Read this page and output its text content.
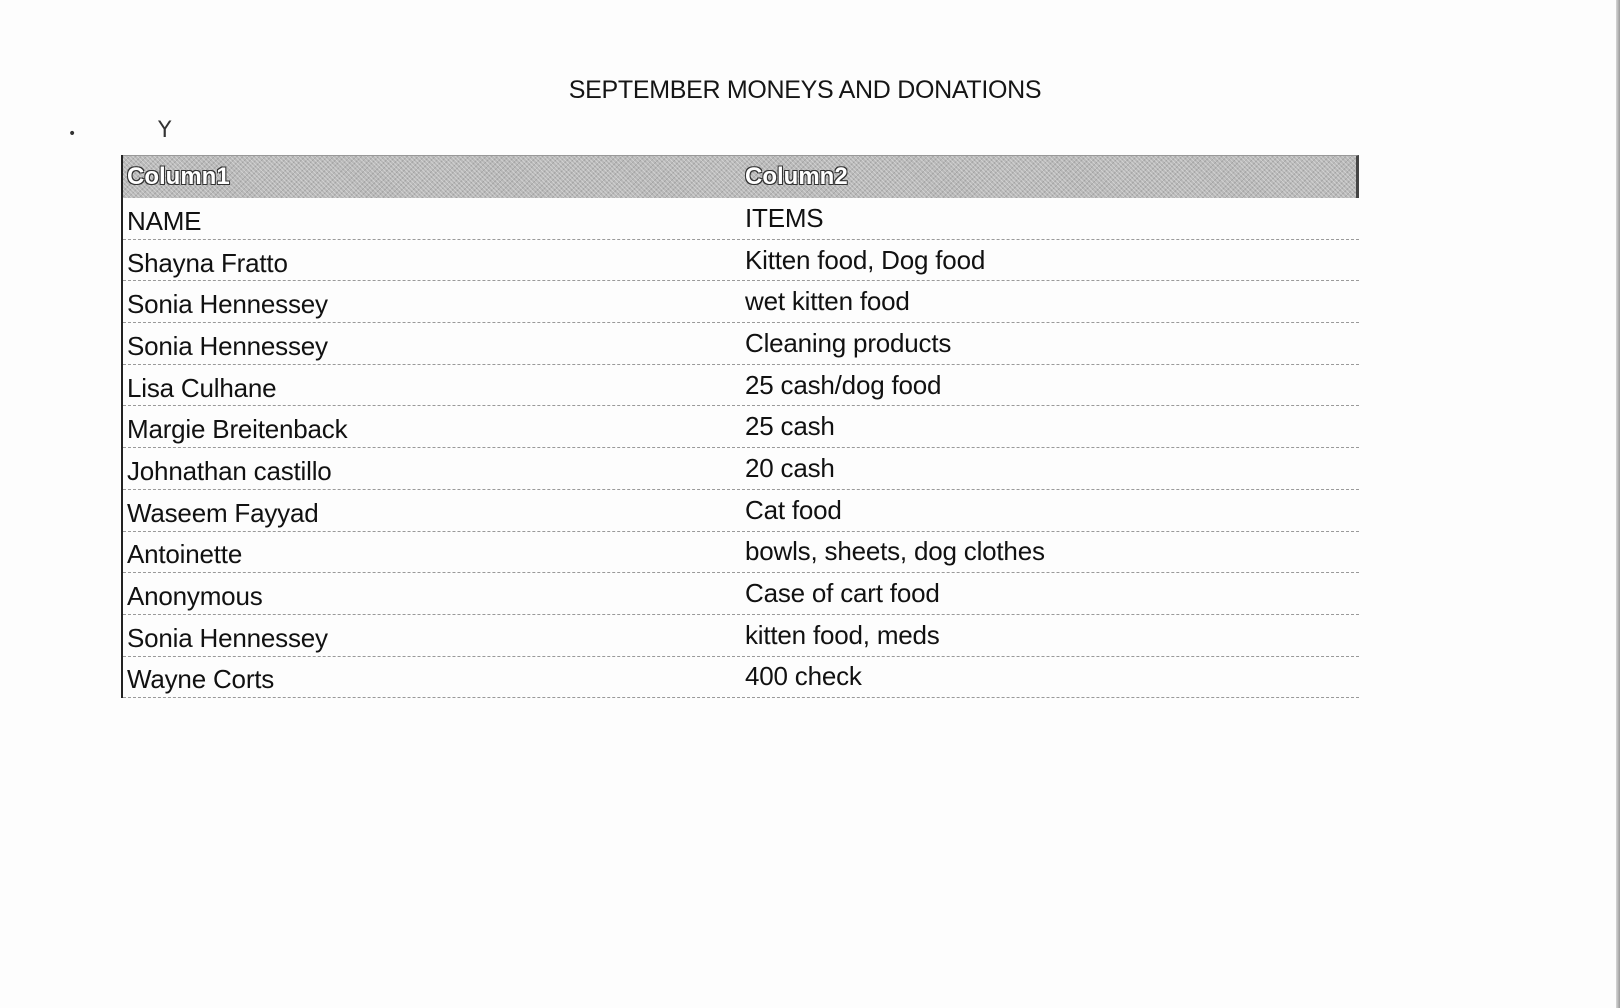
SEPTEMBER MONEYS AND DONATIONS
•	Y
Column1	Column2
NAME	ITEMS
Shayna Fratto	Kitten food, Dog food
Sonia Hennessey	wet kitten food
Sonia Hennessey	Cleaning products
Lisa Culhane	25 cash/dog food
Margie Breitenback	25 cash
Johnathan castillo	20 cash
Waseem Fayyad	Cat food
Antoinette	bowls, sheets, dog clothes
Anonymous	Case of cart food
Sonia Hennessey	kitten food, meds
Wayne Corts	400 check
